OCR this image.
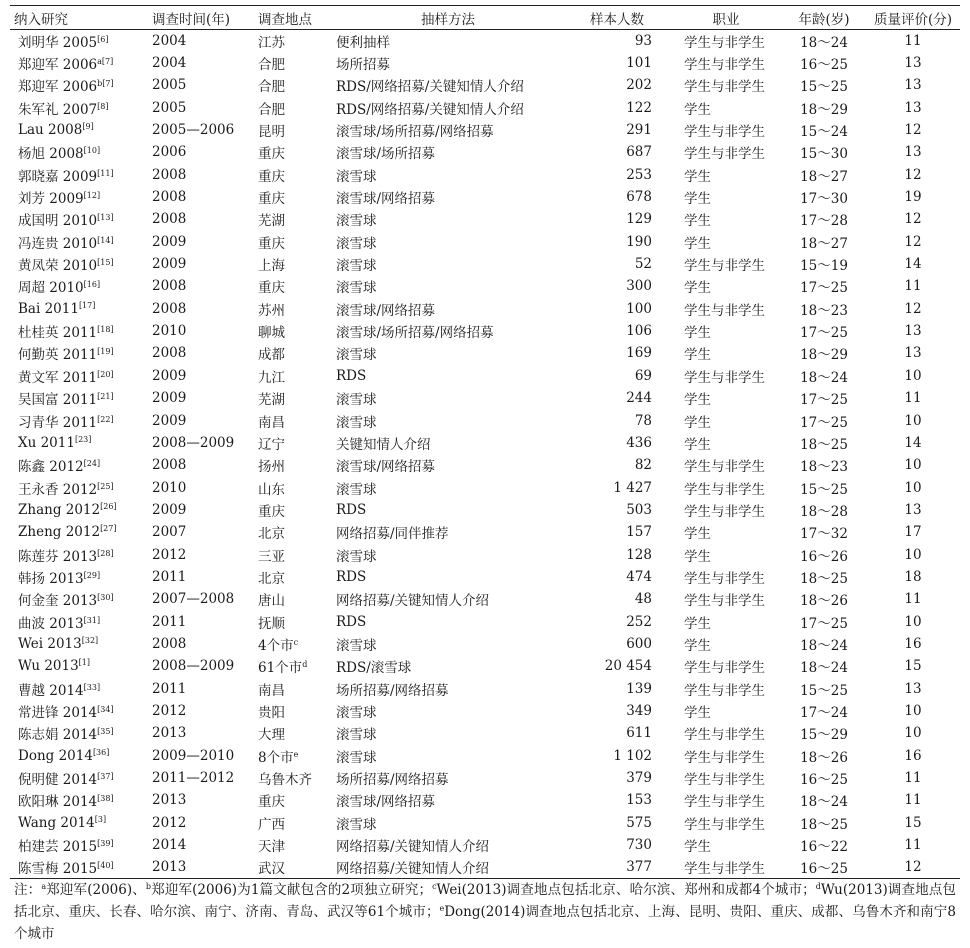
纳入研究	调查时间(年)	调查地点	抽样方法	样本人数	职业	年龄(岁)	质量评价(分)
刘明华 2005[6]	2004	江苏	便利抽样	93	学生与非学生	18～24	11
郑迎军 $2006^{a[7]}$	2004	合肥	场所招募	101	学生与非学生	16～25	13
郑迎军 $2006^{b[7]}$	2005	合肥	RDS/网络招募/关键知情人介绍	202	学生与非学生	15～25	13
朱军礼 2007[8]	2005	合肥	RDS/网络招募/关键知情人介绍	122	学生	18～29	13
Lau 2008[9]	2005—2006	昆明	滚雪球/场所招募/网络招募	291	学生与非学生	15～24	12
杨旭 2008[10]	2006	重庆	滚雪球/场所招募	687	学生与非学生	15～30	13
郭晓嘉 2009[11]	2008	重庆	滚雪球	253	学生	18～27	12
刘芳 2009[12]	2008	重庆	滚雪球/网络招募	678	学生	17～30	19
成国明 2010[13]	2008	芜湖	滚雪球	129	学生	17～28	12
冯连贵 2010[14]	2009	重庆	滚雪球	190	学生	18～27	12
黄凤荣 2010[15]	2009	上海	滚雪球	52	学生与非学生	15～19	14
周超 2010[16]	2008	重庆	滚雪球	300	学生	17～25	11
Bai 2011[17]	2008	苏州	滚雪球/网络招募	100	学生与非学生	18～23	12
杜桂英 2011[18]	2010	聊城	滚雪球/场所招募/网络招募	106	学生	17～25	13
何勤英 2011[19]	2008	成都	滚雪球	169	学生	18～29	13
黄文军 2011[20]	2009	九江	RDS	69	学生与非学生	18～24	10
吴国富 2011[21]	2009	芜湖	滚雪球	244	学生	17～25	11
习青华 2011[22]	2009	南昌	滚雪球	78	学生	17～25	10
Xu 2011[23]	2008—2009	辽宁	关键知情人介绍	436	学生	18～25	14
陈鑫 2012[24]	2008	扬州	滚雪球/网络招募	82	学生与非学生	18～23	10
王永香 2012[25]	2010	山东	滚雪球	1 427	学生与非学生	15～25	10
Zhang 2012[26]	2009	重庆	RDS	503	学生与非学生	18～28	13
Zheng 2012[27]	2007	北京	网络招募/同伴推荐	157	学生	17～32	17
陈莲芬 2013[28]	2012	三亚	滚雪球	128	学生	16～26	10
韩扬 2013[29]	2011	北京	RDS	474	学生与非学生	18～25	18
何金奎 2013[30]	2007—2008	唐山	网络招募/关键知情人介绍	48	学生与非学生	18～26	11
曲波 2013[31]	2011	抚顺	RDS	252	学生	17～25	10
Wei 2013[32]	2008	4个市$^c$	滚雪球	600	学生	18～24	16
Wu 2013[1]	2008—2009	61个市$^d$	RDS/滚雪球	20 454	学生与非学生	18～24	15
曹越 2014[33]	2011	南昌	场所招募/网络招募	139	学生与非学生	15～25	13
常进锋 2014[34]	2012	贵阳	滚雪球	349	学生	17～24	10
陈志娟 2014[35]	2013	大理	滚雪球	611	学生与非学生	15～29	10
Dong 2014[36]	2009—2010	8个市$^e$	滚雪球	1 102	学生与非学生	18～26	16
倪明健 2014[37]	2011—2012	乌鲁木齐	场所招募/网络招募	379	学生与非学生	16～25	11
欧阳琳 2014[38]	2013	重庆	滚雪球/网络招募	153	学生与非学生	18～24	11
Wang 2014[3]	2012	广西	滚雪球	575	学生与非学生	18～25	15
柏建芸 2015[39]	2014	天津	网络招募/关键知情人介绍	730	学生	16～22	11
陈雪梅 2015[40]	2013	武汉	网络招募/关键知情人介绍	377	学生与非学生	16～25	12
注：$^a$郑迎军(2006)、$^b$郑迎军(2006)为1篇文献包含的2项独立研究；$^c$Wei(2013)调查地点包括北京、哈尔滨、郑州和成都4个城市；$^d$Wu(2013)调查地点包括北京、重庆、长春、哈尔滨、南宁、济南、青岛、武汉等61个城市；$^e$Dong(2014)调查地点包括北京、上海、昆明、贵阳、重庆、成都、乌鲁木齐和南宁8个城市
